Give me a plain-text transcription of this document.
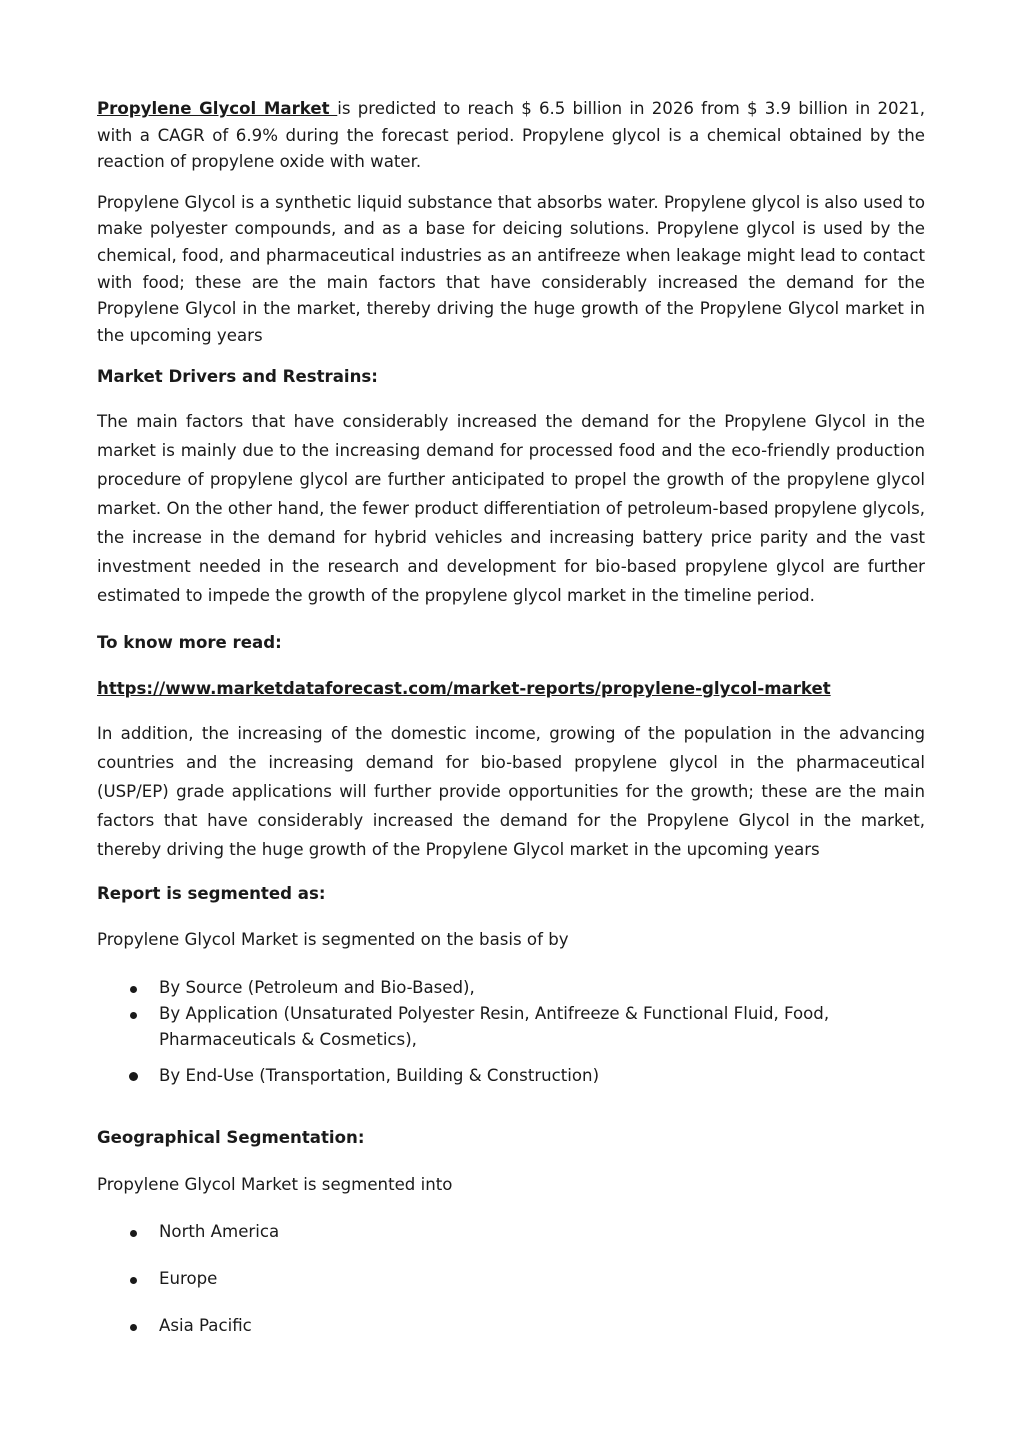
Propylene Glycol Market is predicted to reach $ 6.5 billion in 2026 from $ 3.9 billion in 2021, with a CAGR of 6.9% during the forecast period. Propylene glycol is a chemical obtained by the reaction of propylene oxide with water.

Propylene Glycol is a synthetic liquid substance that absorbs water. Propylene glycol is also used to make polyester compounds, and as a base for deicing solutions. Propylene glycol is used by the chemical, food, and pharmaceutical industries as an antifreeze when leakage might lead to contact with food; these are the main factors that have considerably increased the demand for the Propylene Glycol in the market, thereby driving the huge growth of the Propylene Glycol market in the upcoming years

Market Drivers and Restrains:

The main factors that have considerably increased the demand for the Propylene Glycol in the market is mainly due to the increasing demand for processed food and the eco-friendly production procedure of propylene glycol are further anticipated to propel the growth of the propylene glycol market. On the other hand, the fewer product differentiation of petroleum-based propylene glycols, the increase in the demand for hybrid vehicles and increasing battery price parity and the vast investment needed in the research and development for bio-based propylene glycol are further estimated to impede the growth of the propylene glycol market in the timeline period.

To know more read:
https://www.marketdataforecast.com/market-reports/propylene-glycol-market

In addition, the increasing of the domestic income, growing of the population in the advancing countries and the increasing demand for bio-based propylene glycol in the pharmaceutical (USP/EP) grade applications will further provide opportunities for the growth; these are the main factors that have considerably increased the demand for the Propylene Glycol in the market, thereby driving the huge growth of the Propylene Glycol market in the upcoming years

Report is segmented as:
Propylene Glycol Market is segmented on the basis of by
By Source (Petroleum and Bio-Based),
By Application (Unsaturated Polyester Resin, Antifreeze & Functional Fluid, Food, Pharmaceuticals & Cosmetics),
By End-Use (Transportation, Building & Construction)
Geographical Segmentation:
Propylene Glycol Market is segmented into
North America
Europe
Asia Pacific
